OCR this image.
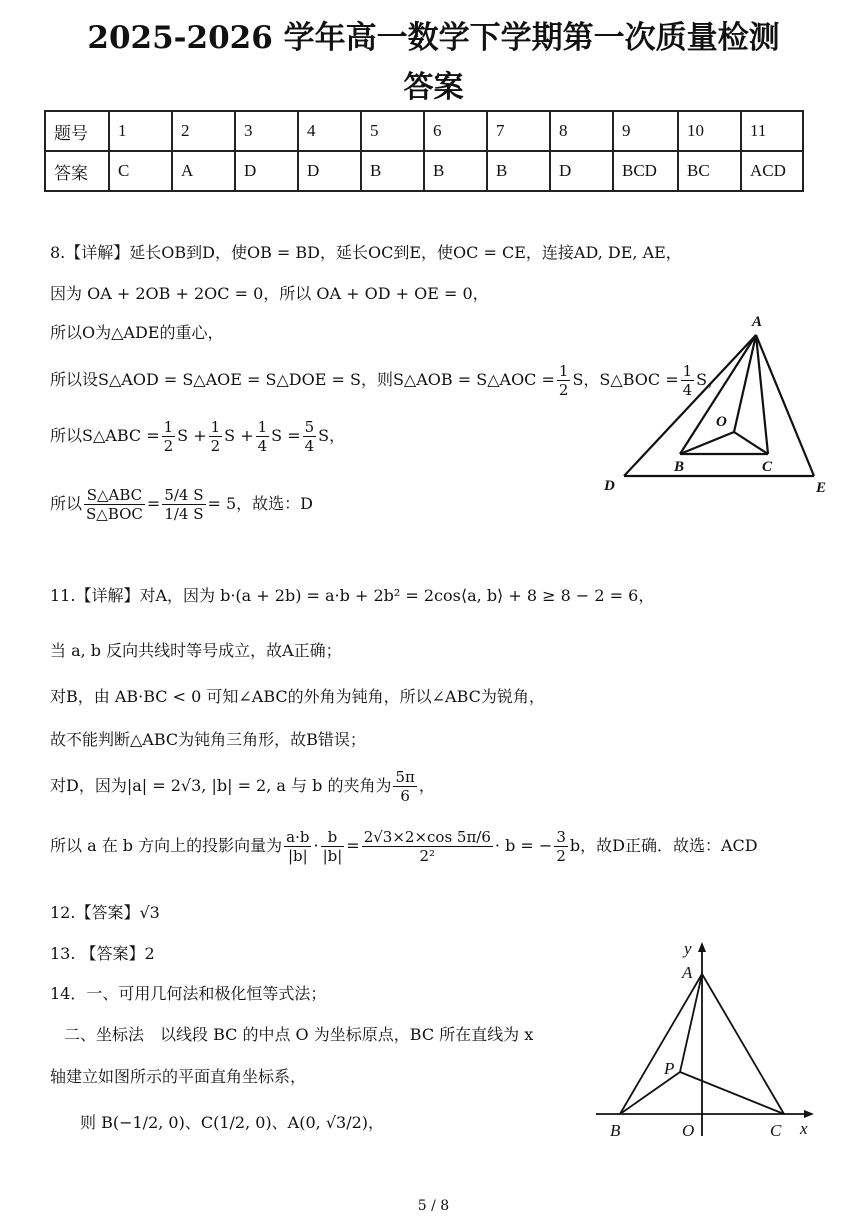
2025-2026 学年高一数学下学期第一次质量检测
答案
题号	1	2	3	4	5	6	7	8	9	10	11
答案	C	A	D	D	B	B	B	D	BCD	BC	ACD
8.【详解】延长OB到D，使OB = BD，延长OC到E，使OC = CE，连接AD, DE, AE，
因为 OA + 2OB + 2OC = 0，所以 OA + OD + OE = 0，
所以O为△ADE的重心，
所以设S△AOD = S△AOE = S△DOE = S，则S△AOB = S△AOC = $\frac{1}{2}$ S，S△BOC = $\frac{1}{4}$ S，
所以S△ABC = $\frac{1}{2}$ $S + \frac{1}{2}$ $S + \frac{1}{4}$ $S = \frac{5}{4}$ S，
所以 $\frac{\text{S△ABC}}{\text{S△BOC}} = \frac{5/4 S}{1/4 S} = 5$，故选：D
A
O
B	C
D	E
11.【详解】对A，因为 b·(a + 2b) = a·b + 2b² = 2cos⟨a, b⟩ + 8 ≥ 8 − 2 = 6，
当 a, b 反向共线时等号成立，故A正确；
对B，由 AB·BC < 0 可知∠ABC的外角为钝角，所以∠ABC为锐角，
故不能判断△ABC为钝角三角形，故B错误；
对D，因为|a| = 2√3, |b| = 2, a 与 b 的夹角为 $\frac{5\pi}{6}$ ，
所以 a 在 b 方向上的投影向量为 $\frac{a\cdot b}{|b|} \cdot \frac{b}{|b|} = \frac{2√3\times 2\times\cos 5\pi/6}{\text{2²}} \cdot b$ = − $\frac{3}{2}$ b，故D正确．故选：ACD
12.【答案】√3
13. 【答案】2
14．一、可用几何法和极化恒等式法；
二、坐标法　以线段 BC 的中点 O 为坐标原点，BC 所在直线为 x
轴建立如图所示的平面直角坐标系，
则 B(−1/2, 0)、C(1/2, 0)、A(0, √3/2)，
y
A
P
B	O	C x
5 / 8
